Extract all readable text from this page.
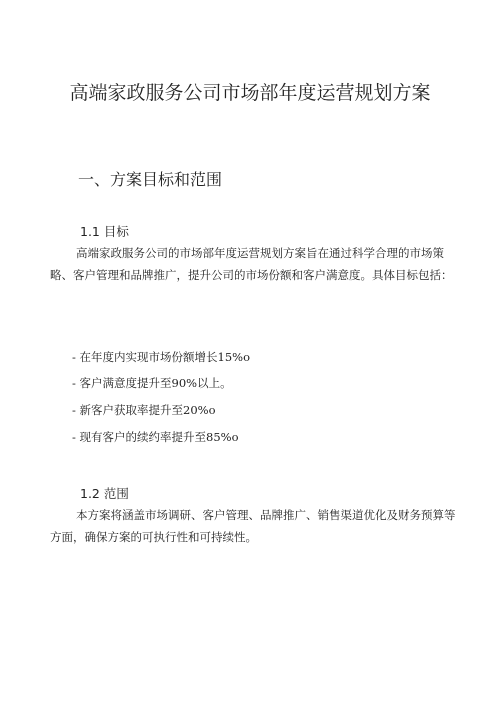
高端家政服务公司市场部年度运营规划方案
一、方案目标和范围
1.1 目标
高端家政服务公司的市场部年度运营规划方案旨在通过科学合理的市场策略、客户管理和品牌推广，提升公司的市场份额和客户满意度。具体目标包括：
- 在年度内实现市场份额增长15%o
- 客户满意度提升至90%以上。
- 新客户获取率提升至20%o
- 现有客户的续约率提升至85%o
1.2 范围
本方案将涵盖市场调研、客户管理、品牌推广、销售渠道优化及财务预算等方面，确保方案的可执行性和可持续性。
